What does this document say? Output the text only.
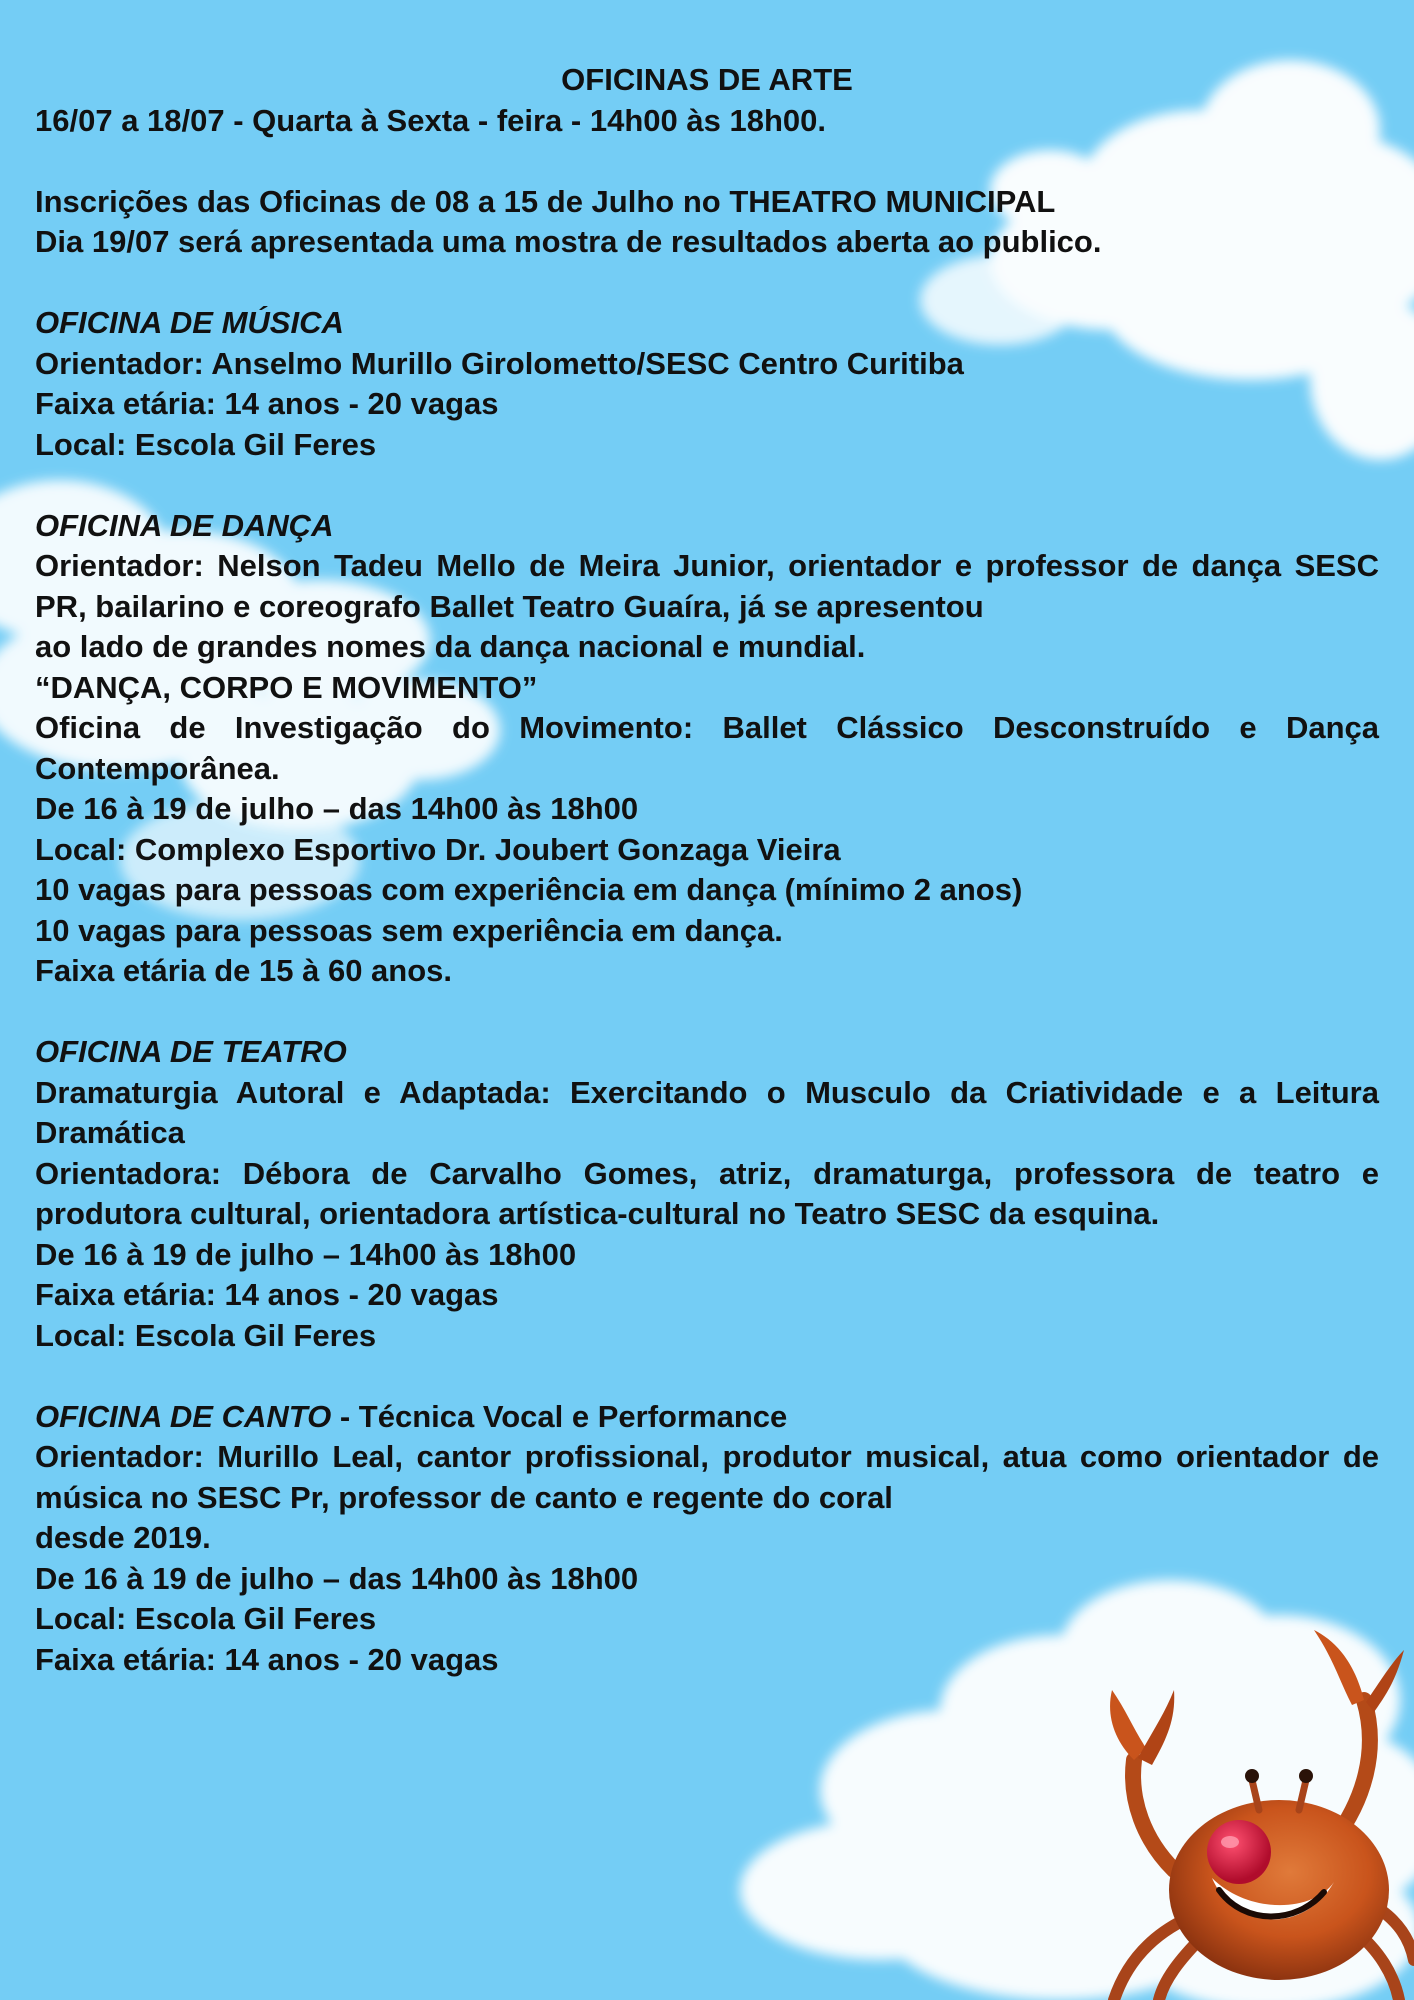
OFICINAS DE ARTE

16/07 a 18/07 - Quarta à Sexta - feira - 14h00 às 18h00.

Inscrições das Oficinas de 08 a 15 de Julho no THEATRO MUNICIPAL

Dia 19/07 será apresentada uma mostra de resultados aberta ao publico.

OFICINA DE MÚSICA

Orientador: Anselmo Murillo Girolometto/SESC Centro Curitiba

Faixa etária: 14 anos - 20 vagas

Local: Escola Gil Feres

OFICINA DE DANÇA

Orientador: Nelson Tadeu Mello de Meira Junior, orientador e professor de dança SESC PR, bailarino e coreografo Ballet Teatro Guaíra, já se apresentou

ao lado de grandes nomes da dança nacional e mundial.

“DANÇA, CORPO E MOVIMENTO”

Oficina de Investigação do Movimento: Ballet Clássico Desconstruído e Dança Contemporânea.

De 16 à 19 de julho – das 14h00 às 18h00

Local: Complexo Esportivo Dr. Joubert Gonzaga Vieira

10 vagas para pessoas com experiência em dança (mínimo 2 anos)

10 vagas para pessoas sem experiência em dança.

Faixa etária de 15 à 60 anos.

OFICINA DE TEATRO

Dramaturgia Autoral e Adaptada: Exercitando o Musculo da Criatividade e a Leitura Dramática

Orientadora: Débora de Carvalho Gomes, atriz, dramaturga, professora de teatro e produtora cultural, orientadora artística-cultural no Teatro SESC da esquina.

De 16 à 19 de julho – 14h00 às 18h00

Faixa etária: 14 anos - 20 vagas

Local: Escola Gil Feres

OFICINA DE CANTO - Técnica Vocal e Performance

Orientador: Murillo Leal, cantor profissional, produtor musical, atua como orientador de música no SESC Pr, professor de canto e regente do coral

desde 2019.

De 16 à 19 de julho – das 14h00 às 18h00

Local: Escola Gil Feres

Faixa etária: 14 anos - 20 vagas
